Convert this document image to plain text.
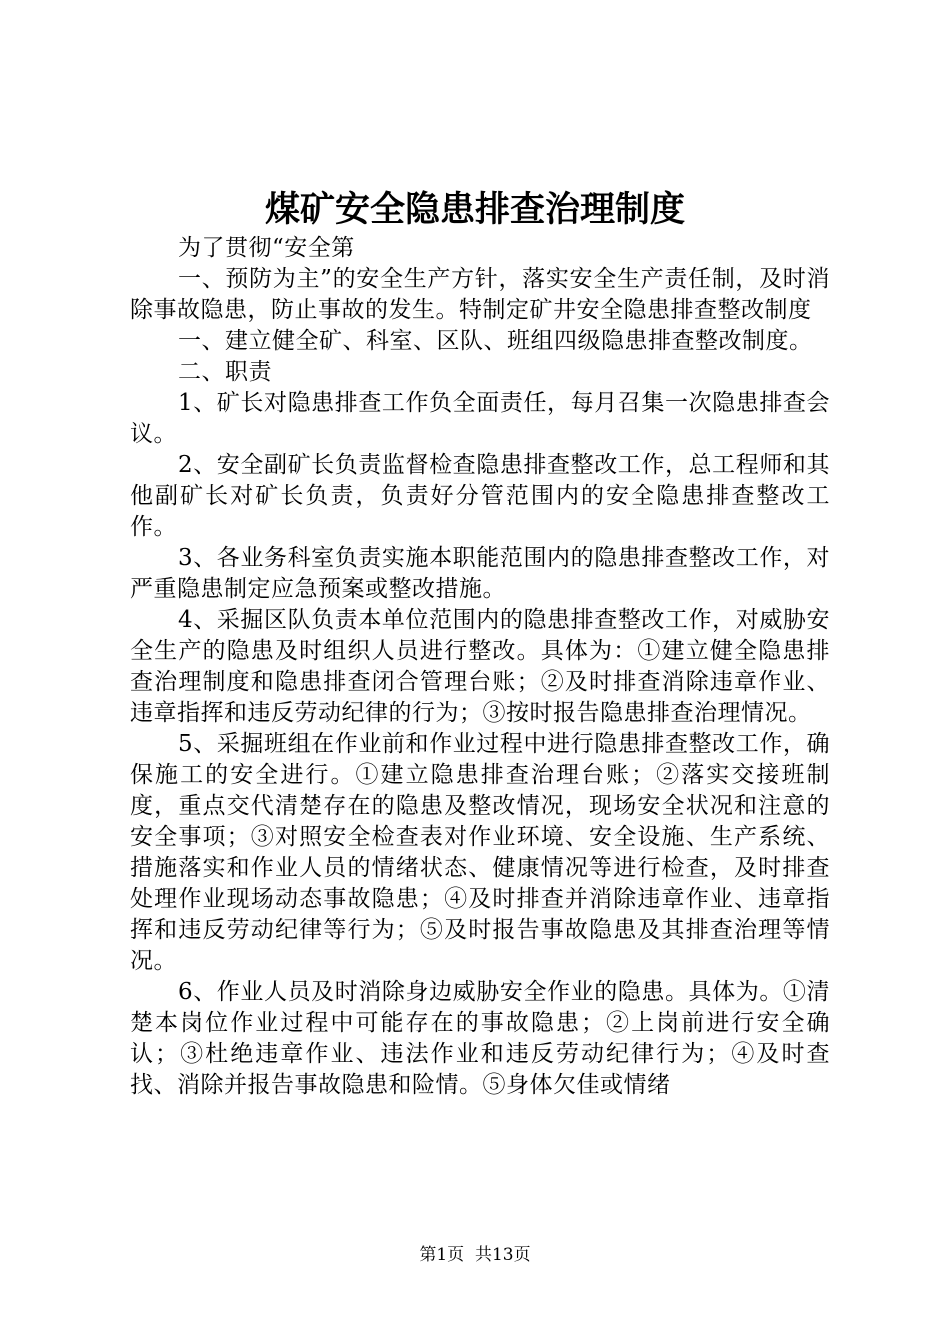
煤矿安全隐患排查治理制度

为了贯彻“安全第

一、预防为主”的安全生产方针，落实安全生产责任制，及时消除事故隐患，防止事故的发生。特制定矿井安全隐患排查整改制度

一、建立健全矿、科室、区队、班组四级隐患排查整改制度。

二、职责

1、矿长对隐患排查工作负全面责任，每月召集一次隐患排查会议。

2、安全副矿长负责监督检查隐患排查整改工作，总工程师和其他副矿长对矿长负责，负责好分管范围内的安全隐患排查整改工作。

3、各业务科室负责实施本职能范围内的隐患排查整改工作，对严重隐患制定应急预案或整改措施。

4、采掘区队负责本单位范围内的隐患排查整改工作，对威胁安全生产的隐患及时组织人员进行整改。具体为：①建立健全隐患排查治理制度和隐患排查闭合管理台账；②及时排查消除违章作业、违章指挥和违反劳动纪律的行为；③按时报告隐患排查治理情况。

5、采掘班组在作业前和作业过程中进行隐患排查整改工作，确保施工的安全进行。①建立隐患排查治理台账；②落实交接班制度，重点交代清楚存在的隐患及整改情况，现场安全状况和注意的安全事项；③对照安全检查表对作业环境、安全设施、生产系统、措施落实和作业人员的情绪状态、健康情况等进行检查，及时排查处理作业现场动态事故隐患；④及时排查并消除违章作业、违章指挥和违反劳动纪律等行为；⑤及时报告事故隐患及其排查治理等情况。

6、作业人员及时消除身边威胁安全作业的隐患。具体为。①清楚本岗位作业过程中可能存在的事故隐患；②上岗前进行安全确认；③杜绝违章作业、违法作业和违反劳动纪律行为；④及时查找、消除并报告事故隐患和险情。⑤身体欠佳或情绪

第1页  共13页
